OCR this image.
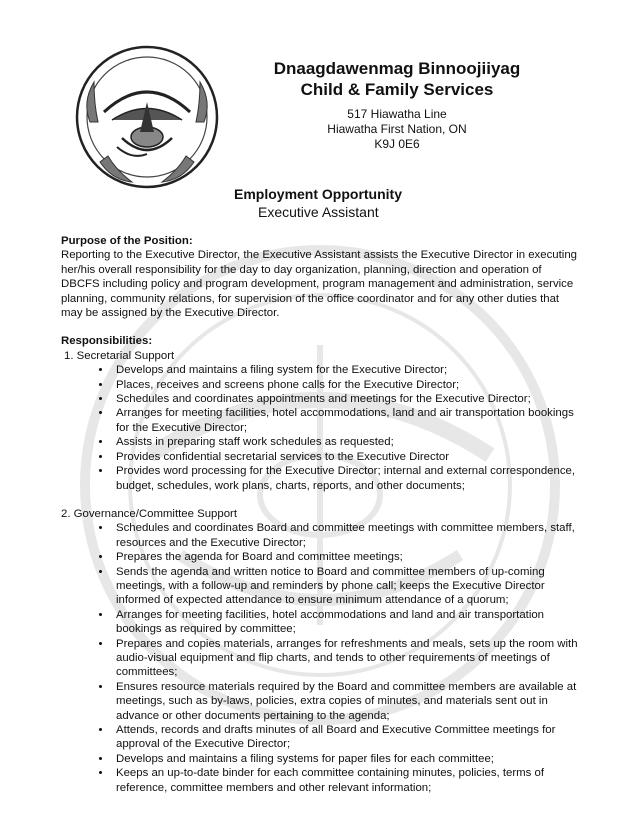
Dnaagdawenmag Binnoojiiyag
Child & Family Services
517 Hiawatha Line
Hiawatha First Nation, ON
K9J 0E6
Employment Opportunity
Executive Assistant
Purpose of the Position:

Reporting to the Executive Director, the Executive Assistant assists the Executive Director in executing her/his overall responsibility for the day to day organization, planning, direction and operation of DBCFS including policy and program development, program management and administration, service planning, community relations, for supervision of the office coordinator and for any other duties that may be assigned by the Executive Director.

Responsibilities:
1. Secretarial Support
• Develops and maintains a filing system for the Executive Director;
• Places, receives and screens phone calls for the Executive Director;
• Schedules and coordinates appointments and meetings for the Executive Director;
• Arranges for meeting facilities, hotel accommodations, land and air transportation bookings for the Executive Director;
• Assists in preparing staff work schedules as requested;
• Provides confidential secretarial services to the Executive Director
• Provides word processing for the Executive Director; internal and external correspondence, budget, schedules, work plans, charts, reports, and other documents;
2. Governance/Committee Support
• Schedules and coordinates Board and committee meetings with committee members, staff, resources and the Executive Director;
• Prepares the agenda for Board and committee meetings;
• Sends the agenda and written notice to Board and committee members of up-coming meetings, with a follow-up and reminders by phone call; keeps the Executive Director informed of expected attendance to ensure minimum attendance of a quorum;
• Arranges for meeting facilities, hotel accommodations and land and air transportation bookings as required by committee;
• Prepares and copies materials, arranges for refreshments and meals, sets up the room with audio-visual equipment and flip charts, and tends to other requirements of meetings of committees;
• Ensures resource materials required by the Board and committee members are available at meetings, such as by-laws, policies, extra copies of minutes, and materials sent out in advance or other documents pertaining to the agenda;
• Attends, records and drafts minutes of all Board and Executive Committee meetings for approval of the Executive Director;
• Develops and maintains a filing systems for paper files for each committee;
• Keeps an up-to-date binder for each committee containing minutes, policies, terms of reference, committee members and other relevant information;
